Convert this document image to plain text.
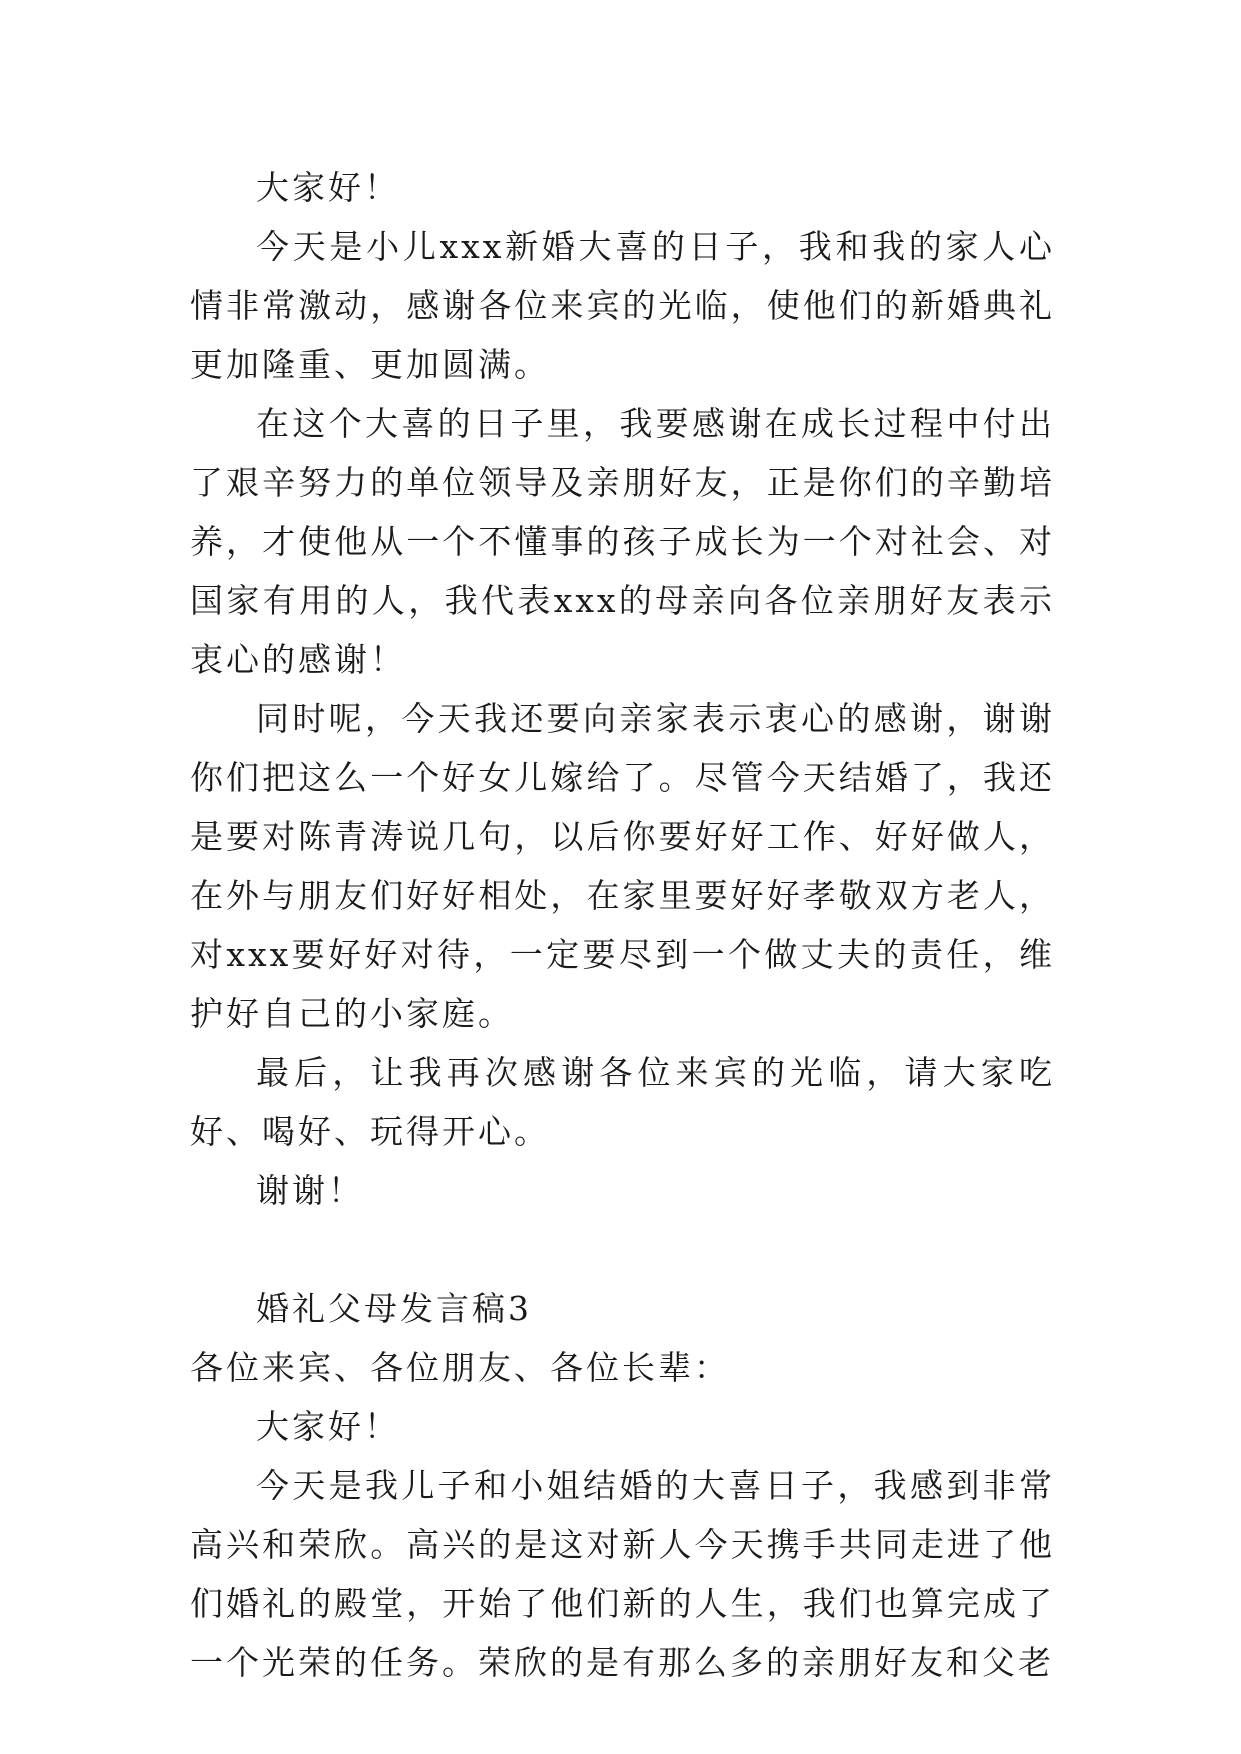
大家好！

今天是小儿xxx新婚大喜的日子，我和我的家人心情非常激动，感谢各位来宾的光临，使他们的新婚典礼更加隆重、更加圆满。

在这个大喜的日子里，我要感谢在成长过程中付出了艰辛努力的单位领导及亲朋好友，正是你们的辛勤培养，才使他从一个不懂事的孩子成长为一个对社会、对国家有用的人，我代表xxx的母亲向各位亲朋好友表示衷心的感谢！

同时呢，今天我还要向亲家表示衷心的感谢，谢谢你们把这么一个好女儿嫁给了。尽管今天结婚了，我还是要对陈青涛说几句，以后你要好好工作、好好做人，在外与朋友们好好相处，在家里要好好孝敬双方老人，对xxx要好好对待，一定要尽到一个做丈夫的责任，维护好自己的小家庭。

最后，让我再次感谢各位来宾的光临，请大家吃好、喝好、玩得开心。

谢谢！

婚礼父母发言稿3

各位来宾、各位朋友、各位长辈：

大家好！

今天是我儿子和小姐结婚的大喜日子，我感到非常高兴和荣欣。高兴的是这对新人今天携手共同走进了他们婚礼的殿堂，开始了他们新的人生，我们也算完成了一个光荣的任务。荣欣的是有那么多的亲朋好友和父老
